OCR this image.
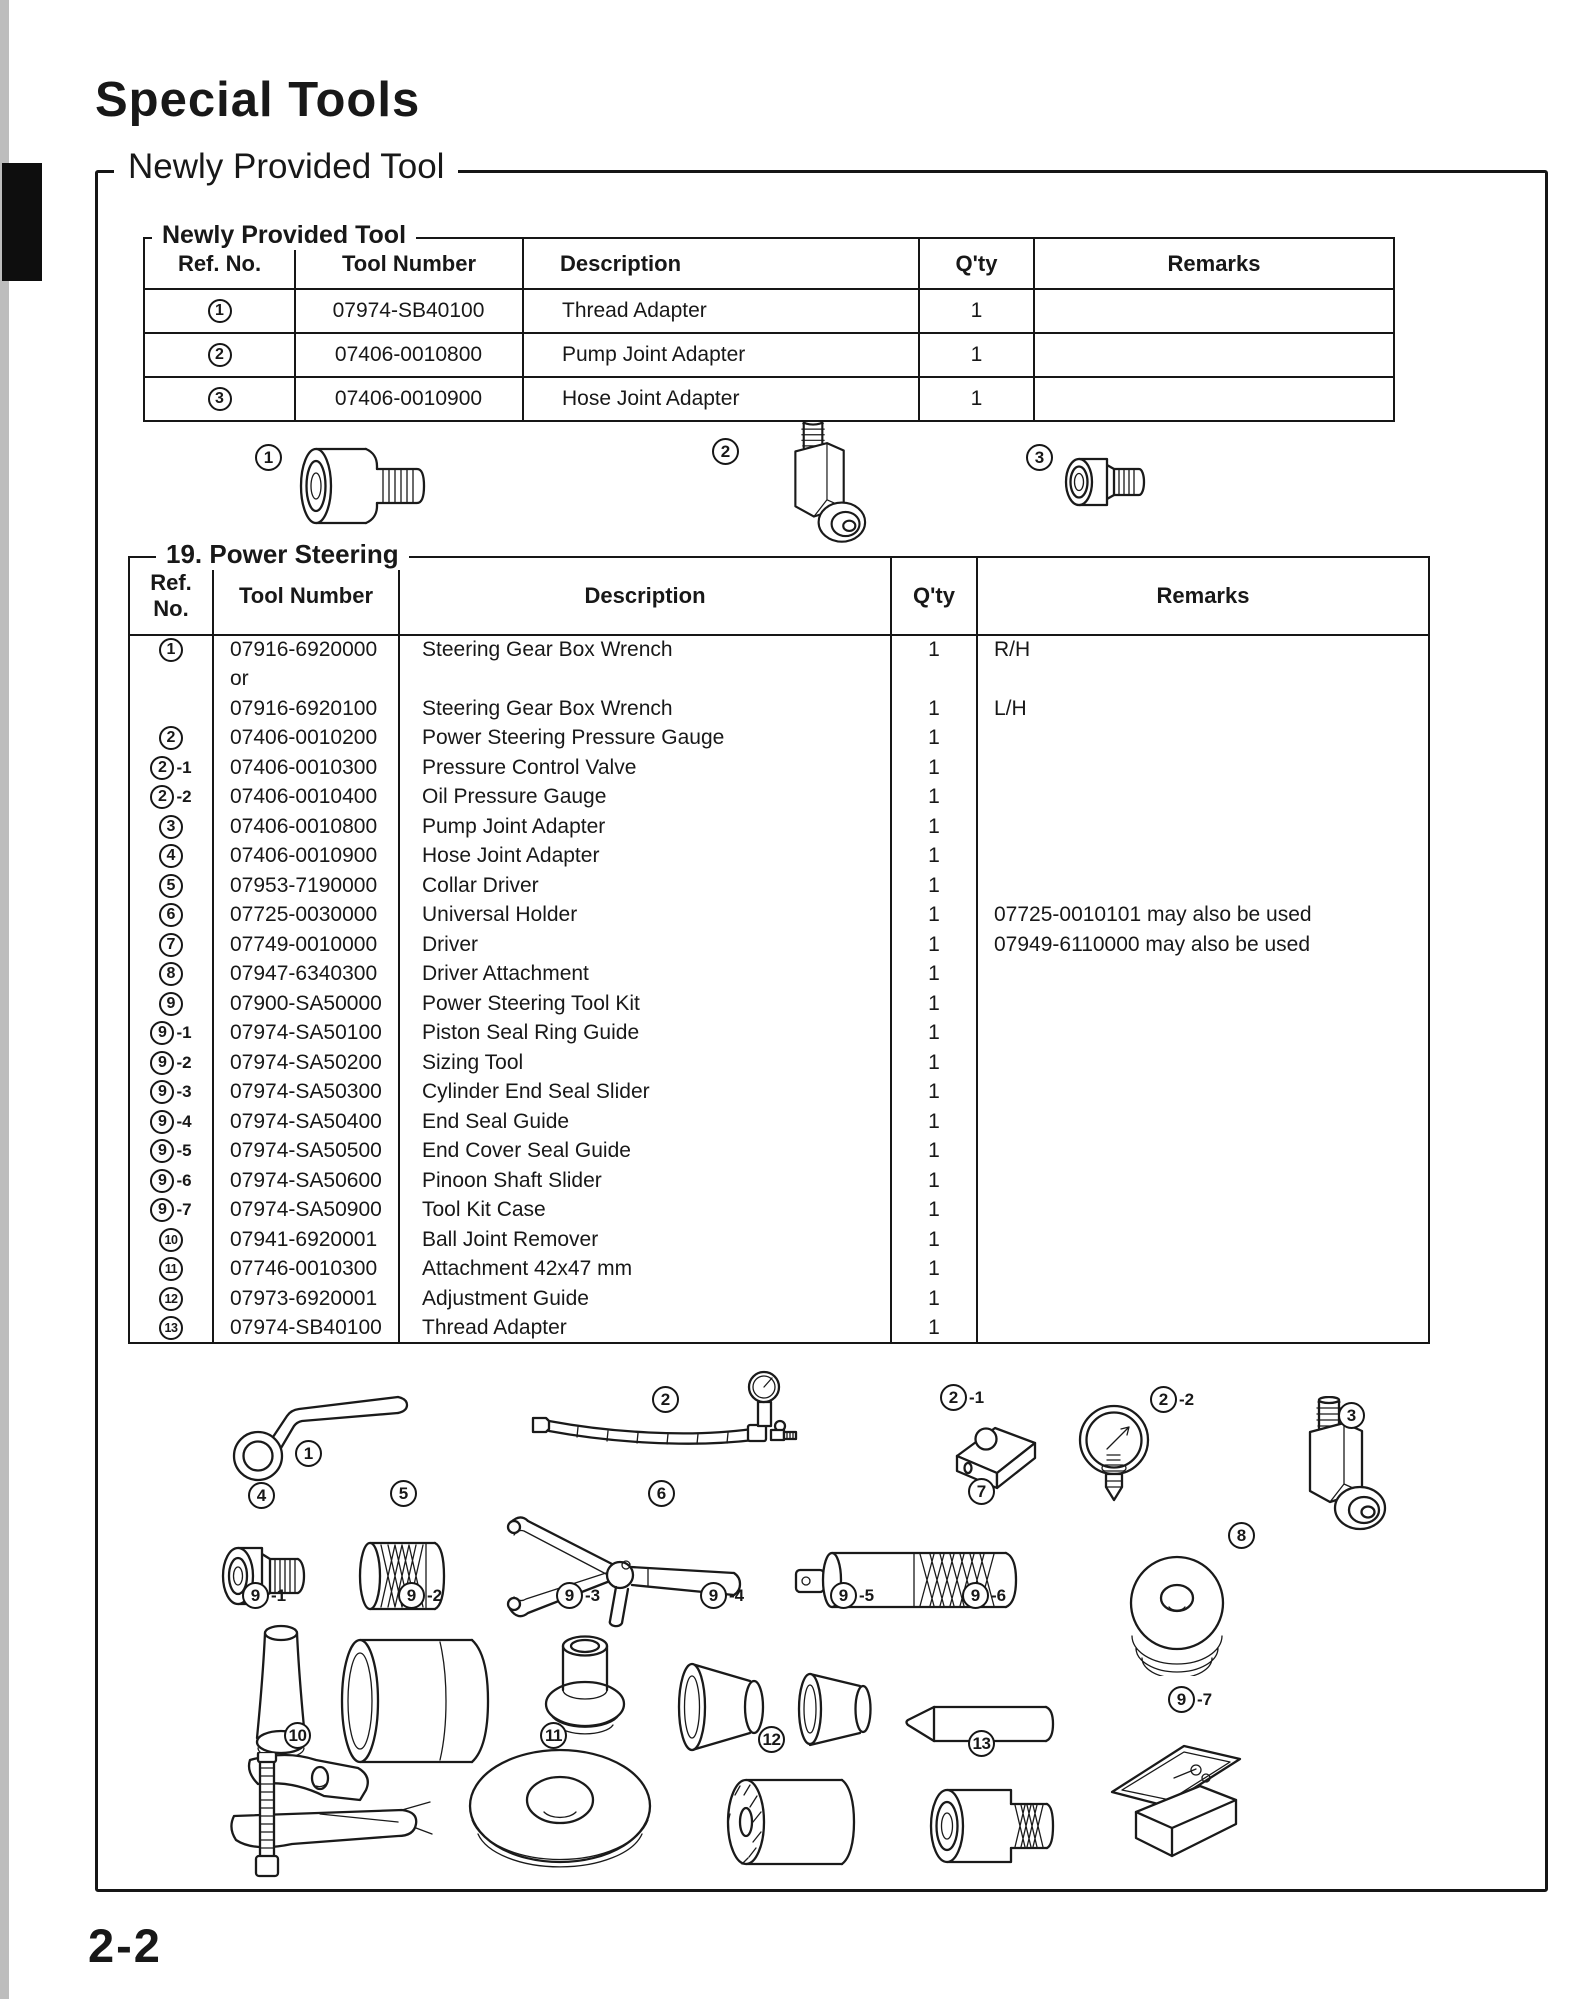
Special Tools
Newly Provided Tool
Newly Provided Tool
Ref. No.	Tool Number	Description	Q'ty	Remarks
1	07974-SB40100	Thread Adapter	1	
2	07406-0010800	Pump Joint Adapter	1	
3	07406-0010900	Hose Joint Adapter	1	
1	2	3
19. Power Steering
Ref. No.	Tool Number	Description	Q'ty	Remarks
1	07916-6920000	Steering Gear Box Wrench	1	R/H
	or			
	07916-6920100	Steering Gear Box Wrench	1	L/H
2	07406-0010200	Power Steering Pressure Gauge	1	
2 -1	07406-0010300	Pressure Control Valve	1	
2 -2	07406-0010400	Oil Pressure Gauge	1	
3	07406-0010800	Pump Joint Adapter	1	
4	07406-0010900	Hose Joint Adapter	1	
5	07953-7190000	Collar Driver	1	
6	07725-0030000	Universal Holder	1	07725-0010101 may also be used
7	07749-0010000	Driver	1	07949-6110000 may also be used
8	07947-6340300	Driver Attachment	1	
9	07900-SA50000	Power Steering Tool Kit	1	
9 -1	07974-SA50100	Piston Seal Ring Guide	1	
9 -2	07974-SA50200	Sizing Tool	1	
9 -3	07974-SA50300	Cylinder End Seal Slider	1	
9 -4	07974-SA50400	End Seal Guide	1	
9 -5	07974-SA50500	End Cover Seal Guide	1	
9 -6	07974-SA50600	Pinoon Shaft Slider	1	
9 -7	07974-SA50900	Tool Kit Case	1	
10	07941-6920001	Ball Joint Remover	1	
11	07746-0010300	Attachment 42x47 mm	1	
12	07973-6920001	Adjustment Guide	1	
13	07974-SB40100	Thread Adapter	1	
1
2	2 -1	2 -2
3
4	5	6	7
8
9 -1	9 -2	9 -3	9 -4	9 -5	9 -6
9 -7
10	11	12	13
2-2
